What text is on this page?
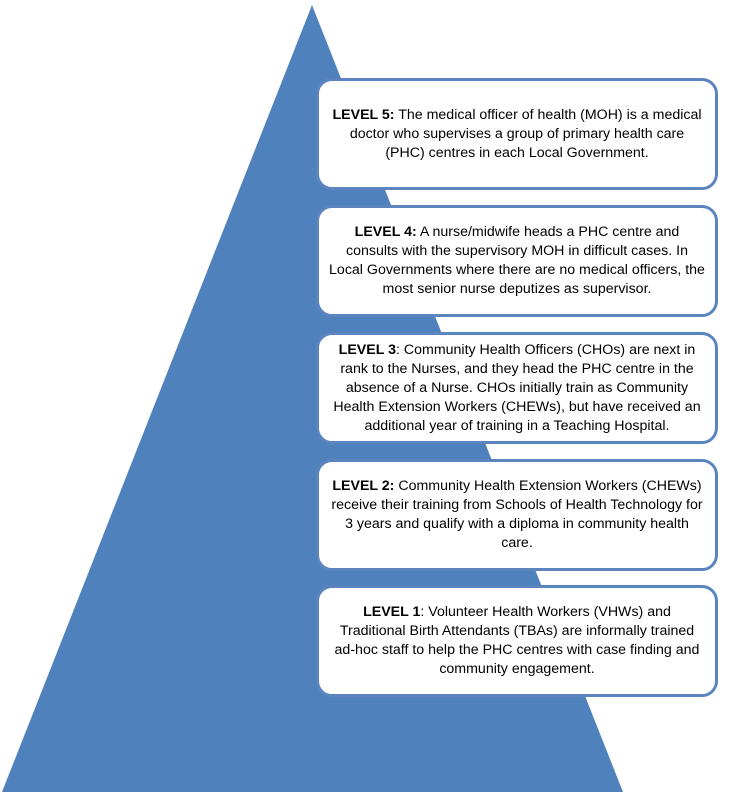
LEVEL 5: The medical officer of health (MOH) is a medical doctor who supervises a group of primary health care (PHC) centres in each Local Government.
LEVEL 4: A nurse/midwife heads a PHC centre and consults with the supervisory MOH in difficult cases. In Local Governments where there are no medical officers, the most senior nurse deputizes as supervisor.
LEVEL 3: Community Health Officers (CHOs) are next in rank to the Nurses, and they head the PHC centre in the absence of a Nurse. CHOs initially train as Community Health Extension Workers (CHEWs), but have received an additional year of training in a Teaching Hospital.
LEVEL 2: Community Health Extension Workers (CHEWs) receive their training from Schools of Health Technology for 3 years and qualify with a diploma in community health care.
LEVEL 1: Volunteer Health Workers (VHWs) and Traditional Birth Attendants (TBAs) are informally trained ad-hoc staff to help the PHC centres with case finding and community engagement.
